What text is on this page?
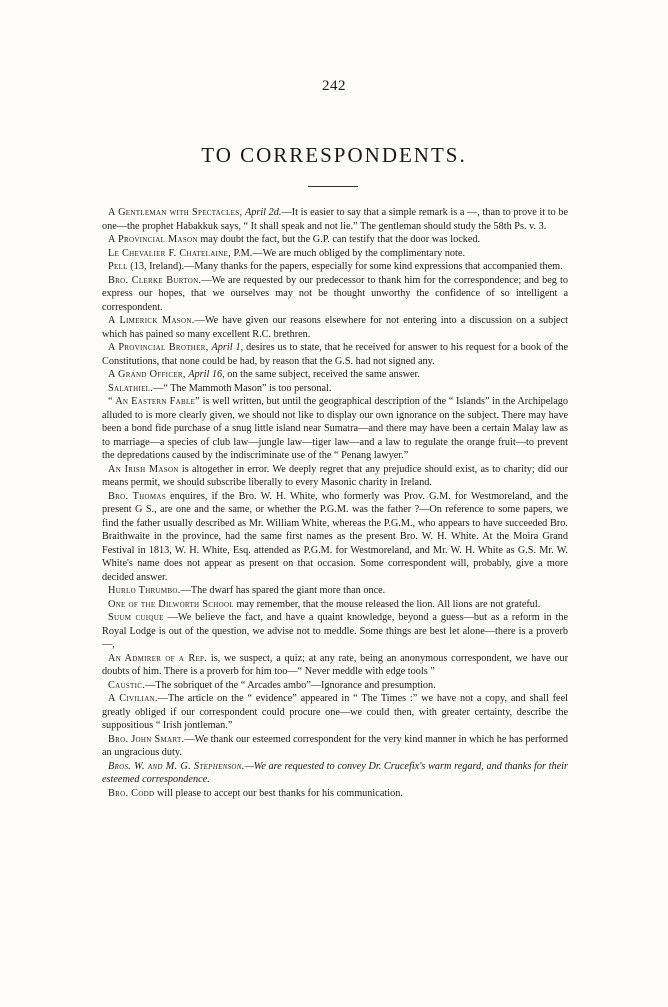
242
TO CORRESPONDENTS.

A Gentleman with Spectacles, April 2d.—It is easier to say that a simple remark is a —, than to prove it to be one—the prophet Habakkuk says, “ It shall speak and not lie.” The gentleman should study the 58th Ps. v. 3.

A Provincial Mason may doubt the fact, but the G.P. can testify that the door was locked.

Le Chevalier F. Chatelaine, P.M.—We are much obliged by the complimentary note.

Pell (13, Ireland).—Many thanks for the papers, especially for some kind expressions that accompanied them.

Bro. Clerke Burton.—We are requested by our predecessor to thank him for the correspondence; and beg to express our hopes, that we ourselves may not be thought unworthy the confidence of so intelligent a correspondent.

A Limerick Mason.—We have given our reasons elsewhere for not entering into a discussion on a subject which has pained so many excellent R.C. brethren.

A Provincial Brother, April 1, desires us to state, that he received for answer to his request for a book of the Constitutions, that none could be had, by reason that the G.S. had not signed any.

A Grand Officer, April 16, on the same subject, received the same answer.

Salathiel.—“ The Mammoth Mason” is too personal.

“ An Eastern Fable” is well written, but until the geographical description of the “ Islands” in the Archipelago alluded to is more clearly given, we should not like to display our own ignorance on the subject. There may have been a bond fide purchase of a snug little island near Sumatra—and there may have been a certain Malay law as to marriage—a species of club law—jungle law—tiger law—and a law to regulate the orange fruit—to prevent the depredations caused by the indiscriminate use of the “ Penang lawyer.”

An Irish Mason is altogether in error. We deeply regret that any prejudice should exist, as to charity; did our means permit, we should subscribe liberally to every Masonic charity in Ireland.

Bro. Thomas enquires, if the Bro. W. H. White, who formerly was Prov. G.M. for Westmoreland, and the present G S., are one and the same, or whether the P.G.M. was the father ?—On reference to some papers, we find the father usually described as Mr. William White, whereas the P.G.M., who appears to have succeeded Bro. Braithwaite in the province, had the same first names as the present Bro. W. H. White. At the Moira Grand Festival in 1813, W. H. White, Esq. attended as P.G.M. for Westmoreland, and Mr. W. H. White as G.S. Mr. W. White's name does not appear as present on that occasion. Some correspondent will, probably, give a more decided answer.

Hurlo Thrumbo.—The dwarf has spared the giant more than once.

One of the Dilworth School may remember, that the mouse released the lion. All lions are not grateful.

Suum cuique —We believe the fact, and have a quaint knowledge, beyond a guess—but as a reform in the Royal Lodge is out of the question, we advise not to meddle. Some things are best let alone—there is a proverb—,

An Admirer of a Rep. is, we suspect, a quiz; at any rate, being an anonymous correspondent, we have our doubts of him. There is a proverb for him too—“ Never meddle with edge tools ”

Caustic.—The sobriquet of the “ Arcades ambo”—Ignorance and presumption.

A Civilian.—The article on the “ evidence” appeared in “ The Times :” we have not a copy, and shall feel greatly obliged if our correspondent could procure one—we could then, with greater certainty, describe the suppositious “ Irish jontleman.”

Bro. John Smart.—We thank our esteemed correspondent for the very kind manner in which he has performed an ungracious duty.

Bros. W. and M. G. Stephenson.—We are requested to convey Dr. Crucefix's warm regard, and thanks for their esteemed correspondence.

Bro. Codd will please to accept our best thanks for his communication.
